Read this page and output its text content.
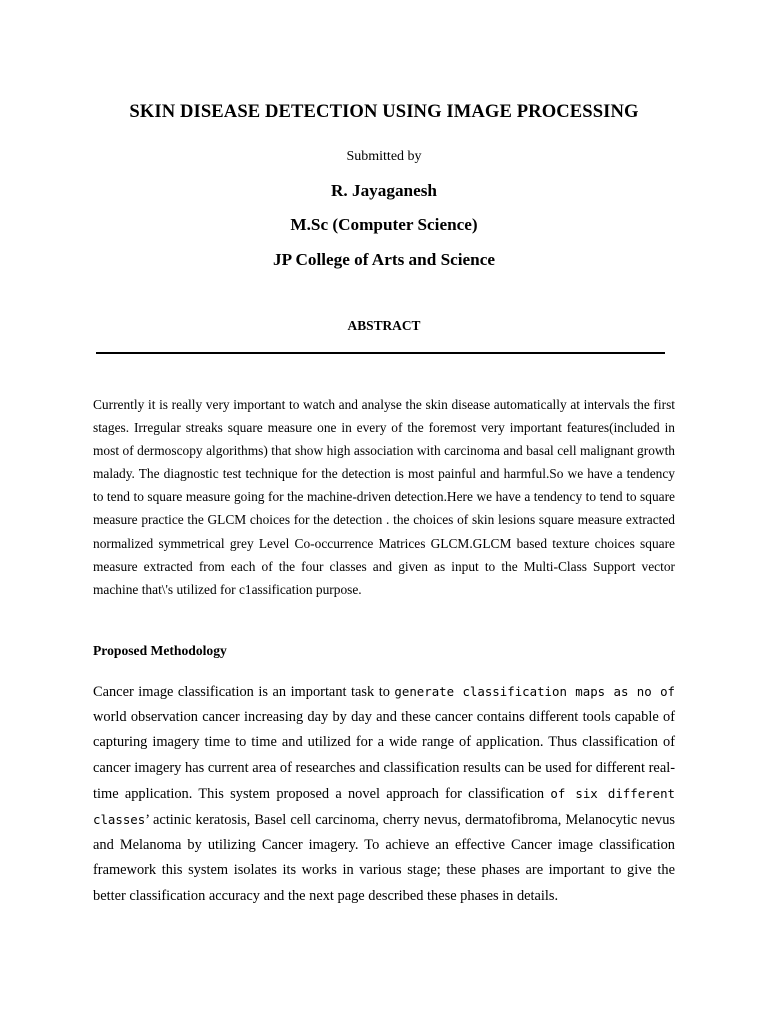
SKIN DISEASE DETECTION USING IMAGE PROCESSING
Submitted by
R. Jayaganesh
M.Sc (Computer Science)
JP College of Arts and Science
ABSTRACT

Currently it is really very important to watch and analyse the skin disease automatically at intervals the first stages. Irregular streaks square measure one in every of the foremost very important features(included in most of dermoscopy algorithms) that show high association with carcinoma and basal cell malignant growth malady. The diagnostic test technique for the detection is most painful and harmful.So we have a tendency to tend to square measure going for the machine-driven detection.Here we have a tendency to tend to square measure practice the GLCM choices for the detection . the choices of skin lesions square measure extracted normalized symmetrical grey Level Co-occurrence Matrices GLCM.GLCM based texture choices square measure extracted from each of the four classes and given as input to the Multi-Class Support vector machine that\'s utilized for c1assification purpose.

Proposed Methodology

Cancer image classification is an important task to generate classification maps as no of world observation cancer increasing day by day and these cancer contains different tools capable of capturing imagery time to time and utilized for a wide range of application. Thus classification of cancer imagery has current area of researches and classification results can be used for different real-time application. This system proposed a novel approach for classification of six different classes’ actinic keratosis, Basel cell carcinoma, cherry nevus, dermatofibroma, Melanocytic nevus and Melanoma by utilizing Cancer imagery. To achieve an effective Cancer image classification framework this system isolates its works in various stage; these phases are important to give the better classification accuracy and the next page described these phases in details.
